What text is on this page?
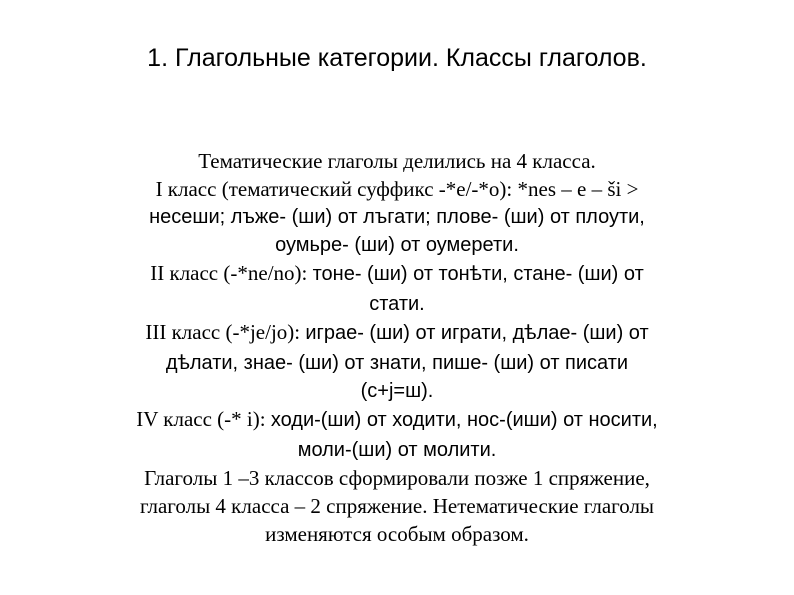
1. Глагольные категории. Классы глаголов.
Тематические глаголы делились на 4 класса.
I класс (тематический суффикс -*e/-*o): *nes – e – ši >
несеши; лъже- (ши) от лъгати; плове- (ши) от плоути,
оумьре- (ши) от оумерети.
II класс (-*ne/no): тоне- (ши) от тонѣти, стане- (ши) от
стати.
III класс (-*je/jo): играе- (ши) от играти, дѣлае- (ши) от
дѣлати, знае- (ши) от знати, пише- (ши) от писати
(с+j=ш).
IV класс (-* i): ходи-(ши) от ходити, нос-(иши) от носити,
моли-(ши) от молити.
Глаголы 1 –3 классов сформировали позже 1 спряжение,
глаголы 4 класса – 2 спряжение. Нетематические глаголы
изменяются особым образом.
